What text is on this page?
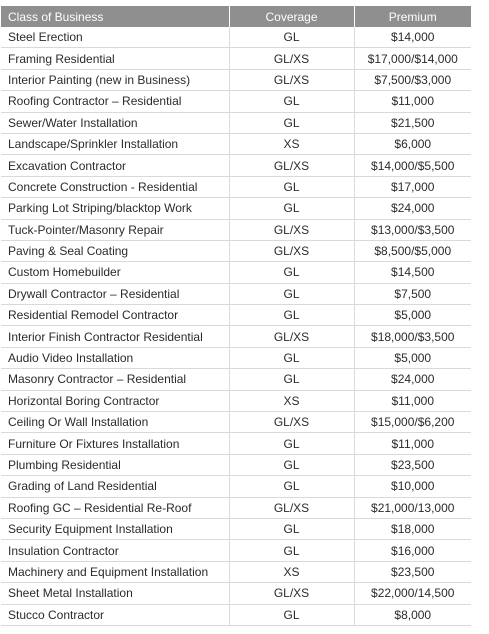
Class of Business	Coverage	Premium
Steel Erection	GL	$14,000
Framing Residential	GL/XS	$17,000/$14,000
Interior Painting (new in Business)	GL/XS	$7,500/$3,000
Roofing Contractor – Residential	GL	$11,000
Sewer/Water Installation	GL	$21,500
Landscape/Sprinkler Installation	XS	$6,000
Excavation Contractor	GL/XS	$14,000/$5,500
Concrete Construction - Residential	GL	$17,000
Parking Lot Striping/blacktop Work	GL	$24,000
Tuck-Pointer/Masonry Repair	GL/XS	$13,000/$3,500
Paving & Seal Coating	GL/XS	$8,500/$5,000
Custom Homebuilder	GL	$14,500
Drywall Contractor – Residential	GL	$7,500
Residential Remodel Contractor	GL	$5,000
Interior Finish Contractor Residential	GL/XS	$18,000/$3,500
Audio Video Installation	GL	$5,000
Masonry Contractor – Residential	GL	$24,000
Horizontal Boring Contractor	XS	$11,000
Ceiling Or Wall Installation	GL/XS	$15,000/$6,200
Furniture Or Fixtures Installation	GL	$11,000
Plumbing Residential	GL	$23,500
Grading of Land Residential	GL	$10,000
Roofing GC – Residential Re-Roof	GL/XS	$21,000/13,000
Security Equipment Installation	GL	$18,000
Insulation Contractor	GL	$16,000
Machinery and Equipment Installation	XS	$23,500
Sheet Metal Installation	GL/XS	$22,000/14,500
Stucco Contractor	GL	$8,000
